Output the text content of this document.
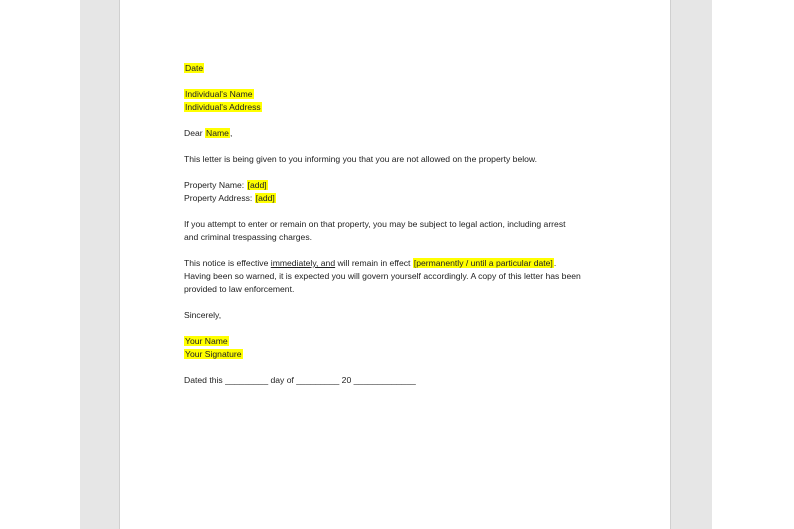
Date

Individual's Name
Individual's Address

Dear Name,

This letter is being given to you informing you that you are not allowed on the property below.

Property Name: [add]
Property Address: [add]

If you attempt to enter or remain on that property, you may be subject to legal action, including arrest
and criminal trespassing charges.

This notice is effective immediately, and will remain in effect [permanently / until a particular date].
Having been so warned, it is expected you will govern yourself accordingly. A copy of this letter has been
provided to law enforcement.

Sincerely,

Your Name
Your Signature

Dated this _________ day of _________ 20 _____________
